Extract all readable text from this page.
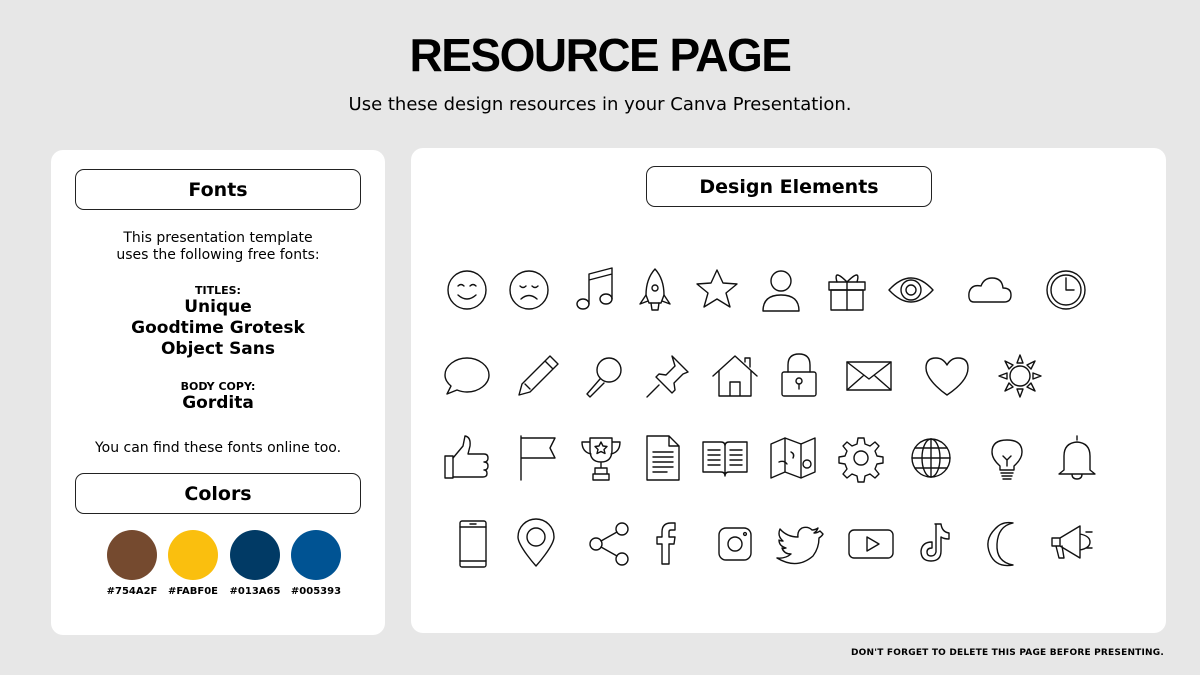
RESOURCE PAGE

Use these design resources in your Canva Presentation.

Fonts
This presentation template
uses the following free fonts:
TITLES:
Unique
Goodtime Grotesk
Object Sans
BODY COPY:
Gordita
You can find these fonts online too.
Colors
#754A2F	#FABF0E	#013A65	#005393
Design Elements
DON'T FORGET TO DELETE THIS PAGE BEFORE PRESENTING.
